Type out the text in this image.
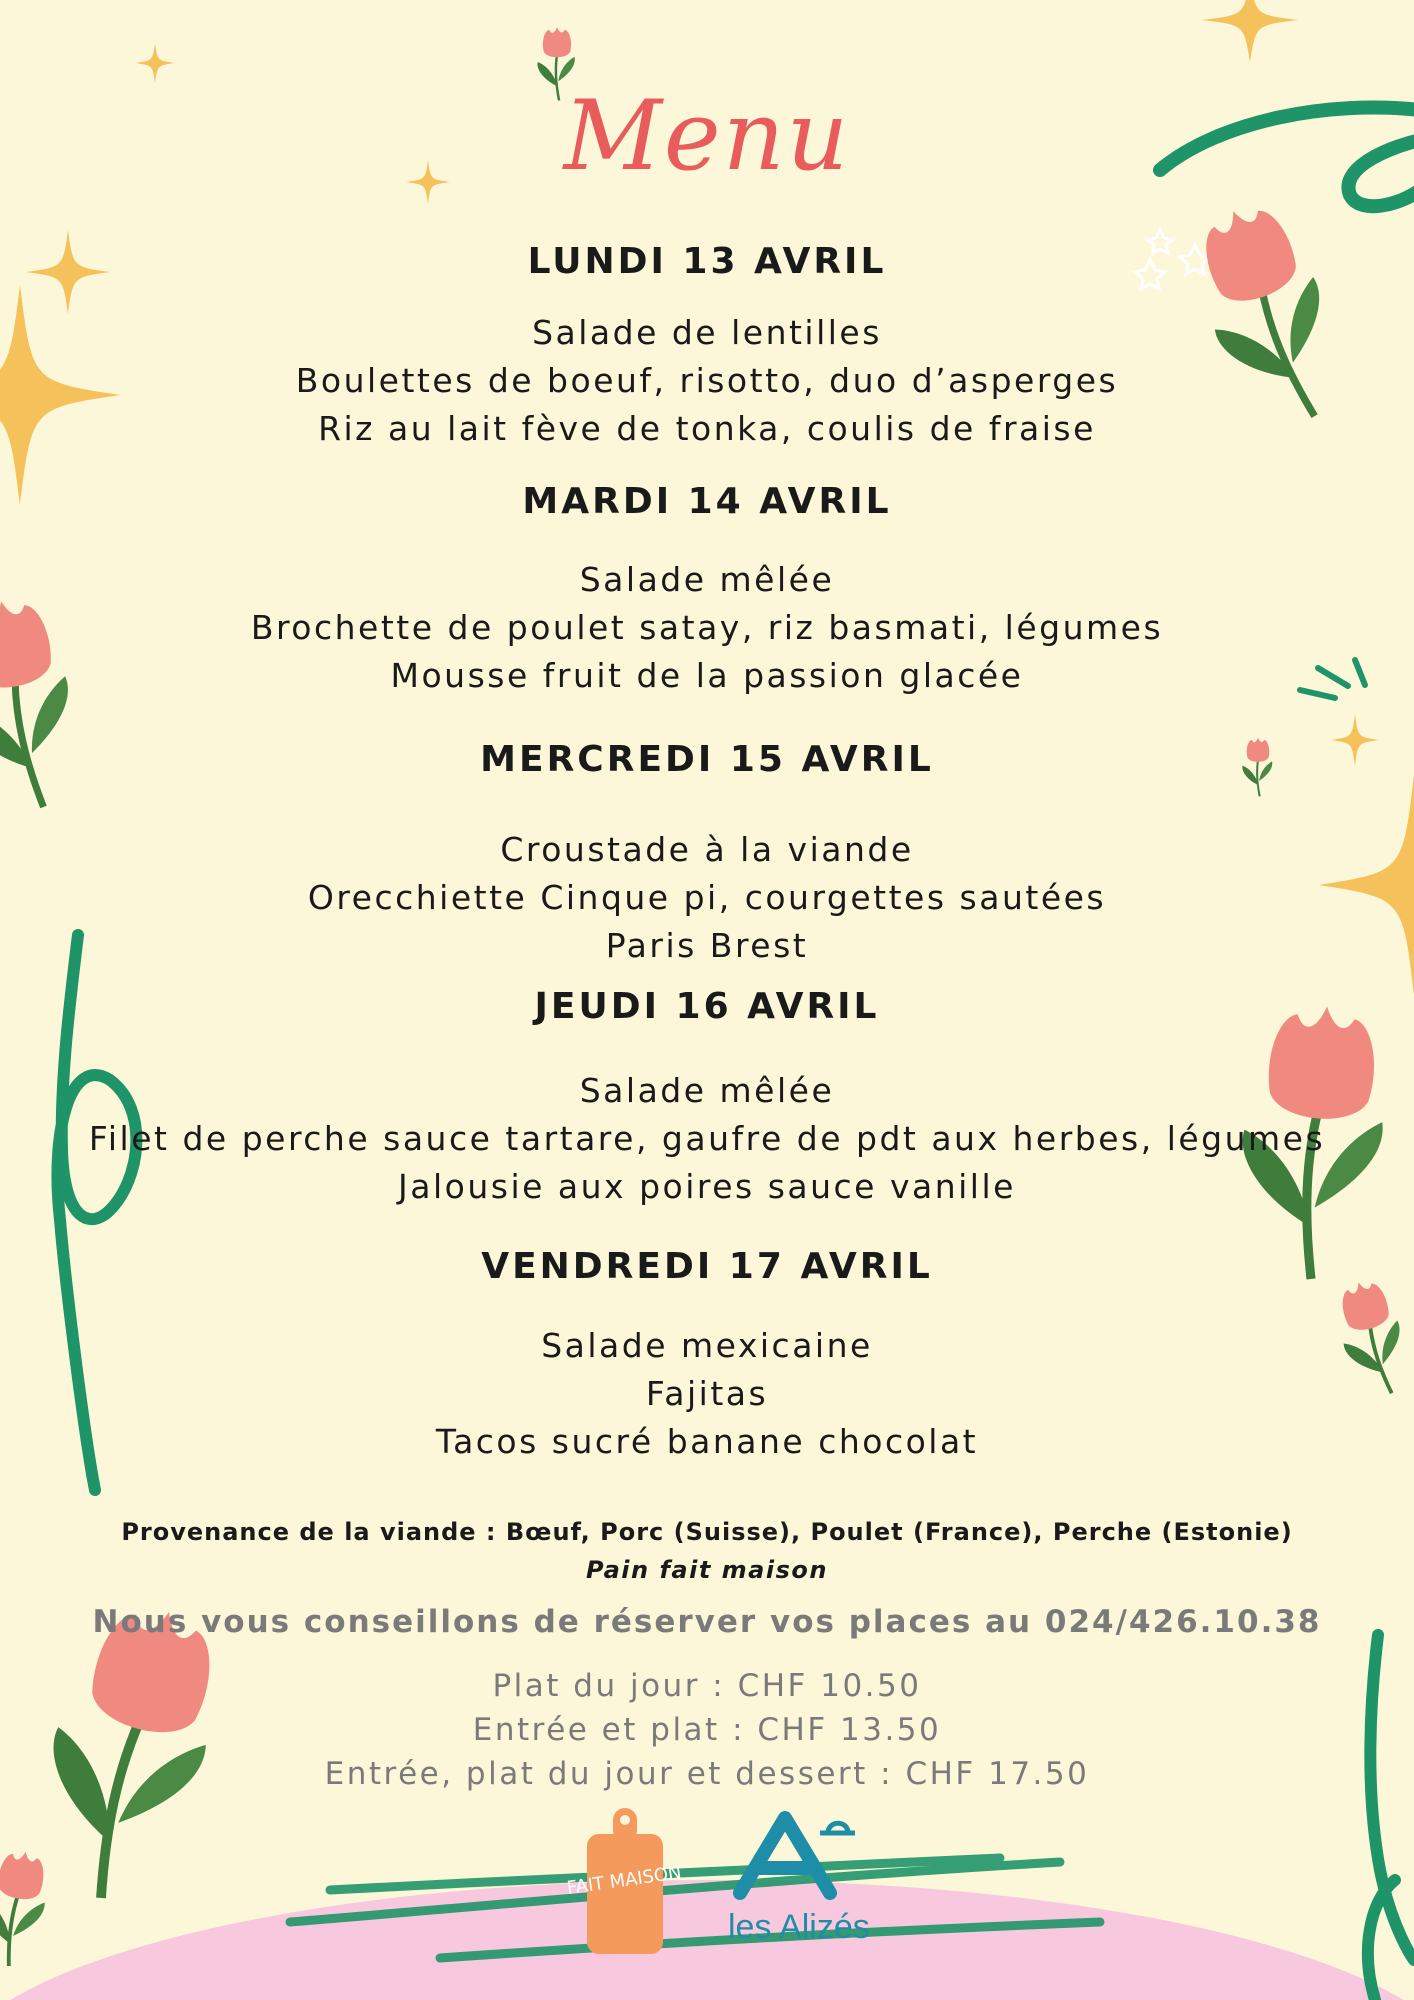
Menu
LUNDI 13 AVRIL

Salade de lentilles

Boulettes de boeuf, risotto, duo d’asperges

Riz au lait fève de tonka, coulis de fraise

MARDI 14 AVRIL

Salade mêlée

Brochette de poulet satay, riz basmati, légumes

Mousse fruit de la passion glacée

MERCREDI 15 AVRIL

Croustade à la viande

Orecchiette Cinque pi, courgettes sautées

Paris Brest

JEUDI 16 AVRIL

Salade mêlée

Filet de perche sauce tartare, gaufre de pdt aux herbes, légumes

Jalousie aux poires sauce vanille

VENDREDI 17 AVRIL

Salade mexicaine

Fajitas

Tacos sucré banane chocolat

Provenance de la viande : Bœuf, Porc (Suisse), Poulet (France), Perche (Estonie)
Pain fait maison
Nous vous conseillons de réserver vos places au 024/426.10.38
Plat du jour : CHF 10.50
Entrée et plat : CHF 13.50
Entrée, plat du jour et dessert : CHF 17.50
FAIT MAISON
les Alizés
